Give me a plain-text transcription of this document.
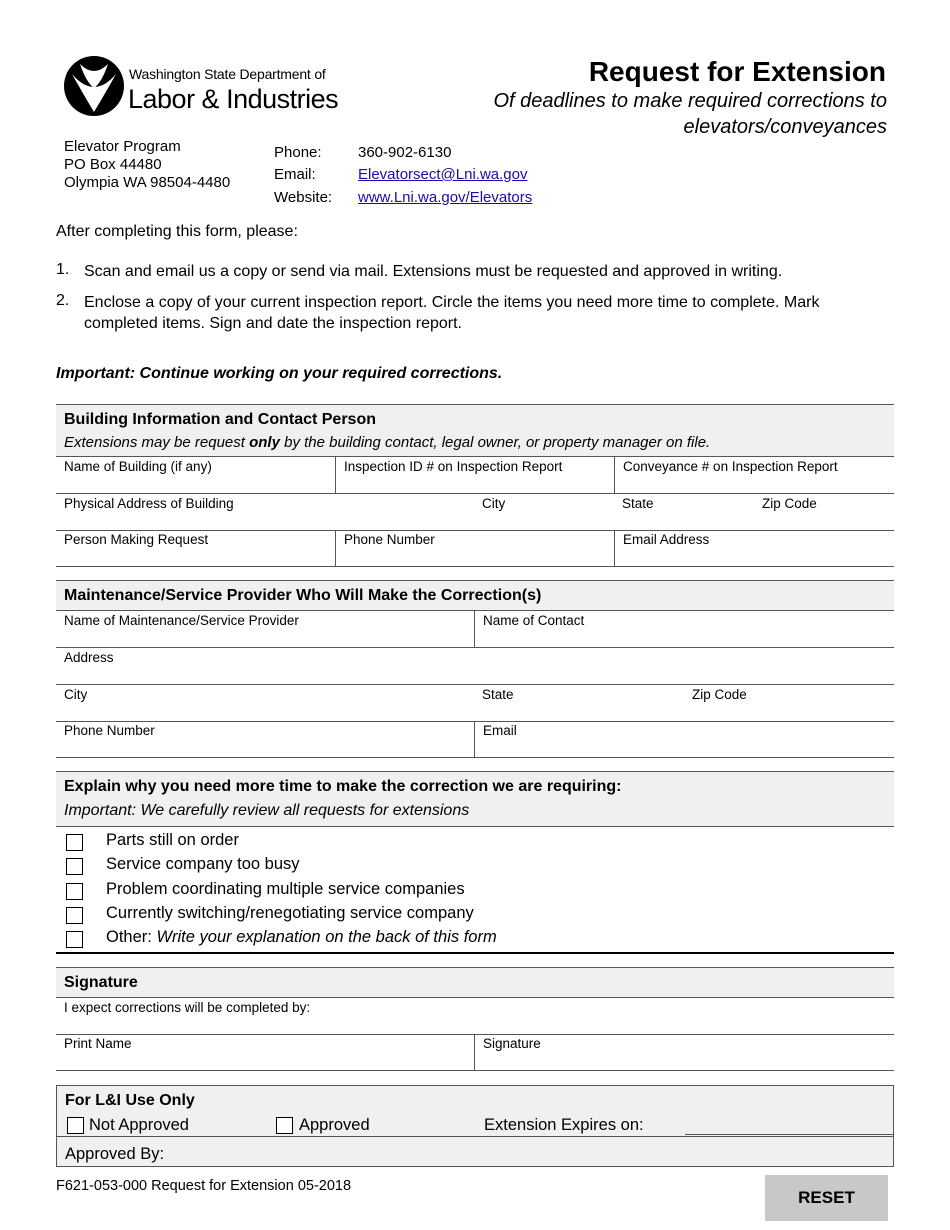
Washington State Department of
Labor & Industries
Request for Extension
Of deadlines to make required corrections to
elevators/conveyances
Elevator Program
PO Box 44480
Olympia WA 98504-4480
Phone: 360-902-6130
Email:	Elevatorsect@Lni.wa.gov
Website: www.Lni.wa.gov/Elevators
After completing this form, please:
1. Scan and email us a copy or send via mail. Extensions must be requested and approved in writing.
2. Enclose a copy of your current inspection report. Circle the items you need more time to complete. Mark completed items. Sign and date the inspection report.
Important: Continue working on your required corrections.
Building Information and Contact Person
Extensions may be request only by the building contact, legal owner, or property manager on file.
Name of Building (if any)	Inspection ID # on Inspection Report	Conveyance # on Inspection Report
Physical Address of Building	City	State	Zip Code
Person Making Request	Phone Number	Email Address
Maintenance/Service Provider Who Will Make the Correction(s)
Name of Maintenance/Service Provider	Name of Contact
Address
City	State	Zip Code
Phone Number	Email
Explain why you need more time to make the correction we are requiring:
Important: We carefully review all requests for extensions
Parts still on order
Service company too busy
Problem coordinating multiple service companies
Currently switching/renegotiating service company
Other: Write your explanation on the back of this form
Signature
I expect corrections will be completed by:
Print Name	Signature
For L&I Use Only
Not Approved	Approved	Extension Expires on:
Approved By:
F621-053-000 Request for Extension 05-2018
RESET
